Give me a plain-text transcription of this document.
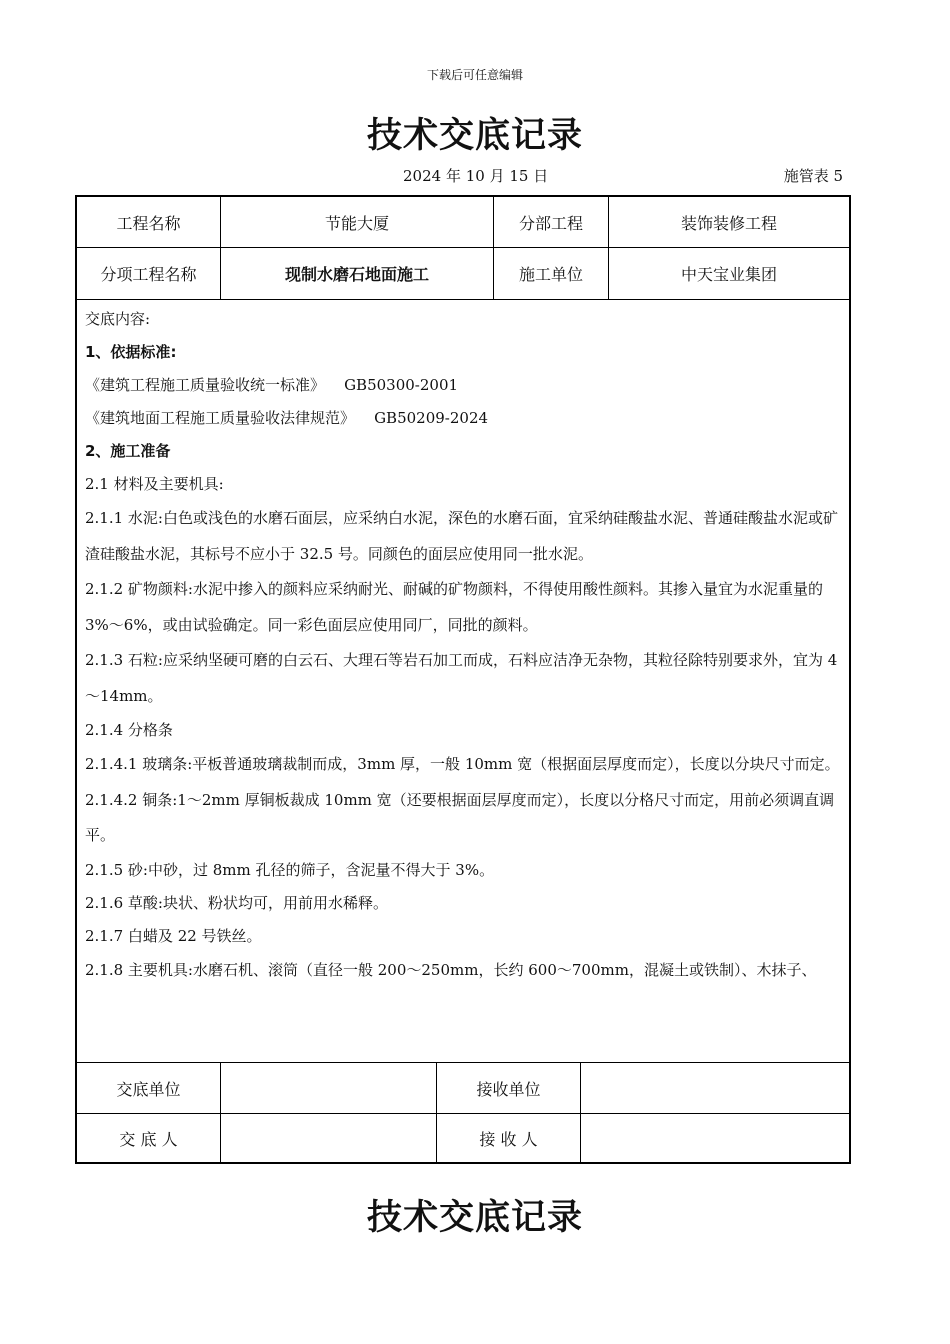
下载后可任意编辑
技术交底记录
2024 年 10 月 15 日	施管表 5
工程名称	节能大厦	分部工程	装饰装修工程
分项工程名称	现制水磨石地面施工	施工单位	中天宝业集团

交底内容:

1、依据标准:

《建筑工程施工质量验收统一标准》    GB50300-2001

《建筑地面工程施工质量验收法律规范》    GB50209-2024

2、施工准备

2.1 材料及主要机具:

2.1.1 水泥:白色或浅色的水磨石面层，应采纳白水泥，深色的水磨石面，宜采纳硅酸盐水泥、普通硅酸盐水泥或矿渣硅酸盐水泥，其标号不应小于 32.5 号。同颜色的面层应使用同一批水泥。

2.1.2 矿物颜料:水泥中掺入的颜料应采纳耐光、耐碱的矿物颜料，不得使用酸性颜料。其掺入量宜为水泥重量的 3%～6%，或由试验确定。同一彩色面层应使用同厂，同批的颜料。

2.1.3 石粒:应采纳坚硬可磨的白云石、大理石等岩石加工而成，石料应洁净无杂物，其粒径除特别要求外，宜为 4～14mm。

2.1.4 分格条

2.1.4.1 玻璃条:平板普通玻璃裁制而成，3mm 厚，一般 10mm 宽（根据面层厚度而定），长度以分块尺寸而定。

2.1.4.2 铜条:1～2mm 厚铜板裁成 10mm 宽（还要根据面层厚度而定），长度以分格尺寸而定，用前必须调直调平。

2.1.5 砂:中砂，过 8mm 孔径的筛子，含泥量不得大于 3%。

2.1.6 草酸:块状、粉状均可，用前用水稀释。

2.1.7 白蜡及 22 号铁丝。

2.1.8 主要机具:水磨石机、滚筒（直径一般 200～250mm，长约 600～700mm，混凝土或铁制）、木抹子、

交底单位	接收单位
交 底 人	接 收 人
技术交底记录
